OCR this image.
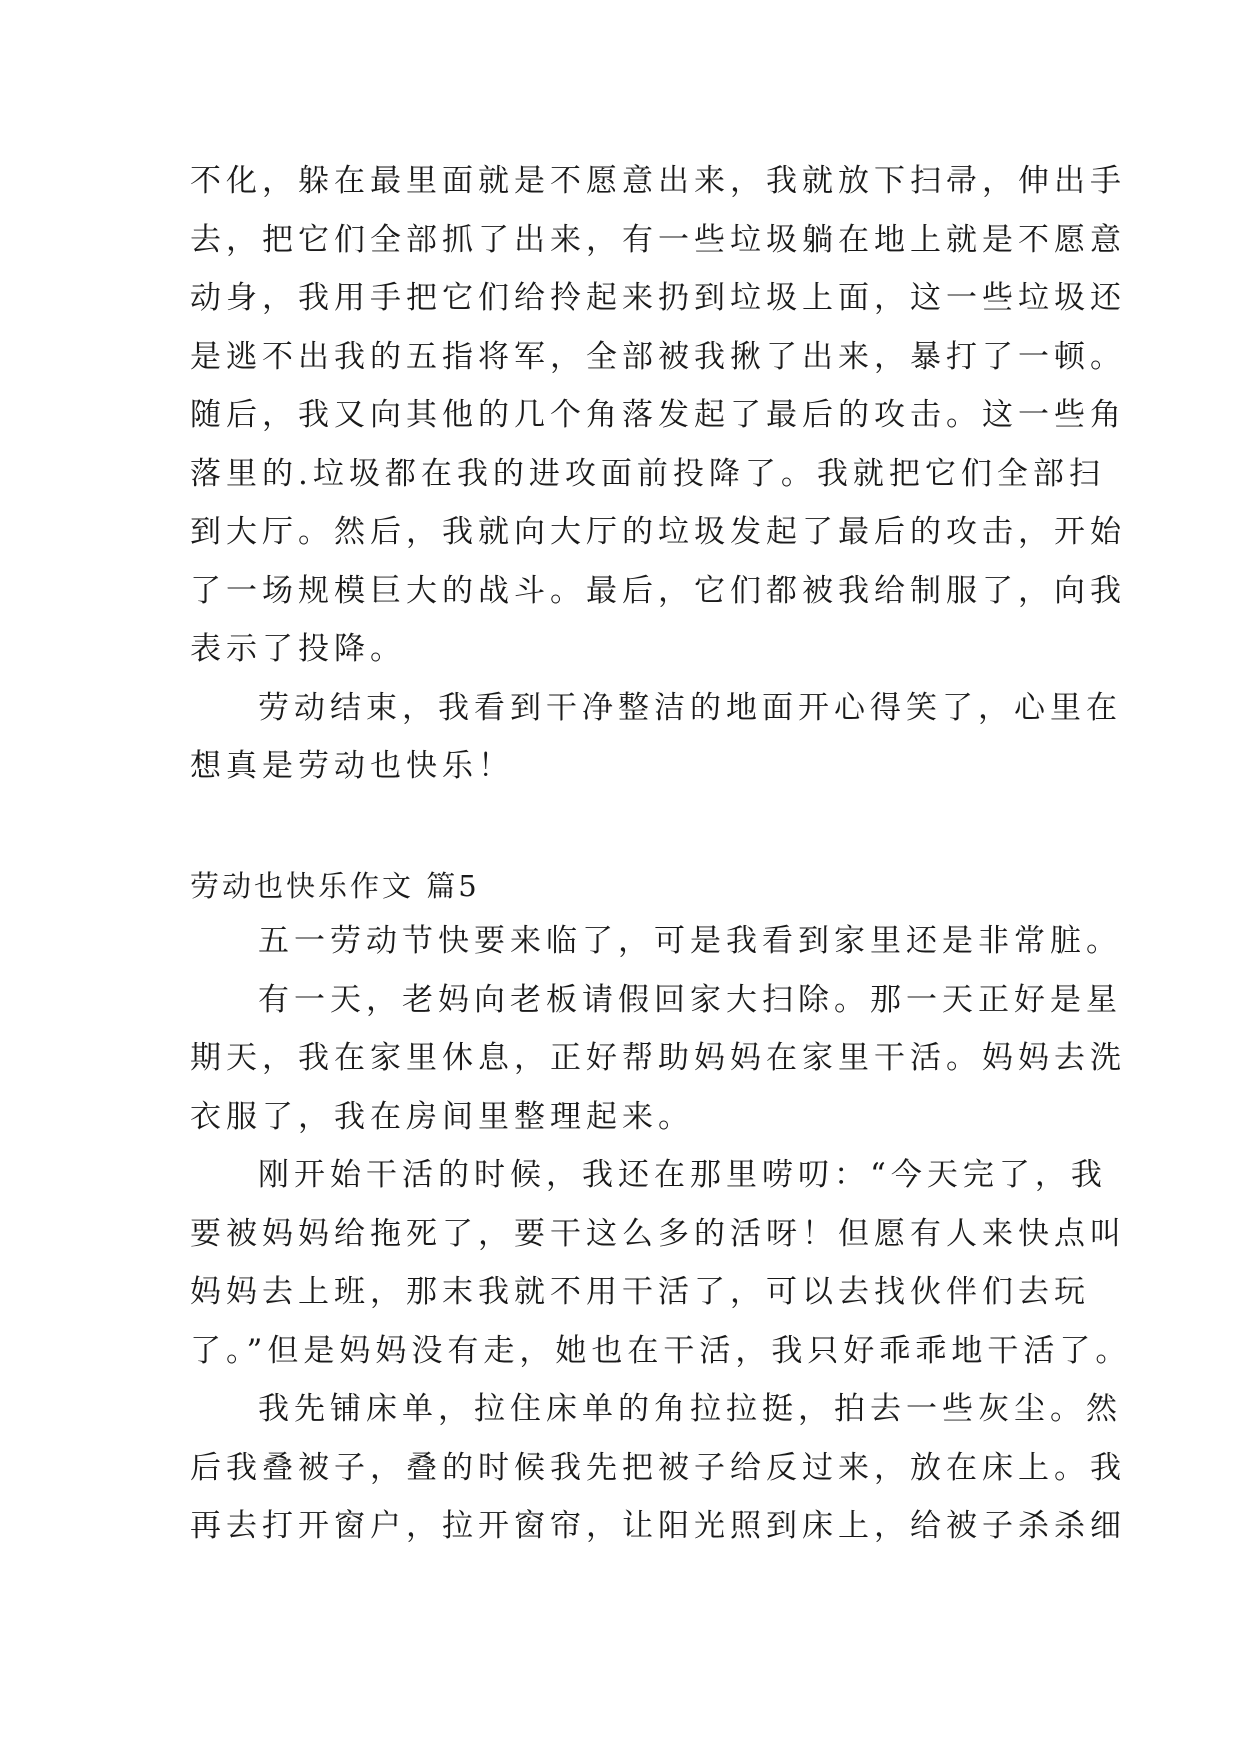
不化，躲在最里面就是不愿意出来，我就放下扫帚，伸出手
去，把它们全部抓了出来，有一些垃圾躺在地上就是不愿意
动身，我用手把它们给拎起来扔到垃圾上面，这一些垃圾还
是逃不出我的五指将军，全部被我揪了出来，暴打了一顿。
随后，我又向其他的几个角落发起了最后的攻击。这一些角
落里的.垃圾都在我的进攻面前投降了。我就把它们全部扫
到大厅。然后，我就向大厅的垃圾发起了最后的攻击，开始
了一场规模巨大的战斗。最后，它们都被我给制服了，向我
表示了投降。
劳动结束，我看到干净整洁的地面开心得笑了，心里在
想真是劳动也快乐！
劳动也快乐作文 篇5
五一劳动节快要来临了，可是我看到家里还是非常脏。
有一天，老妈向老板请假回家大扫除。那一天正好是星
期天，我在家里休息，正好帮助妈妈在家里干活。妈妈去洗
衣服了，我在房间里整理起来。
刚开始干活的时候，我还在那里唠叨：“今天完了，我
要被妈妈给拖死了，要干这么多的活呀！但愿有人来快点叫
妈妈去上班，那末我就不用干活了，可以去找伙伴们去玩
了。”但是妈妈没有走，她也在干活，我只好乖乖地干活了。
我先铺床单，拉住床单的角拉拉挺，拍去一些灰尘。然
后我叠被子，叠的时候我先把被子给反过来，放在床上。我
再去打开窗户，拉开窗帘，让阳光照到床上，给被子杀杀细
